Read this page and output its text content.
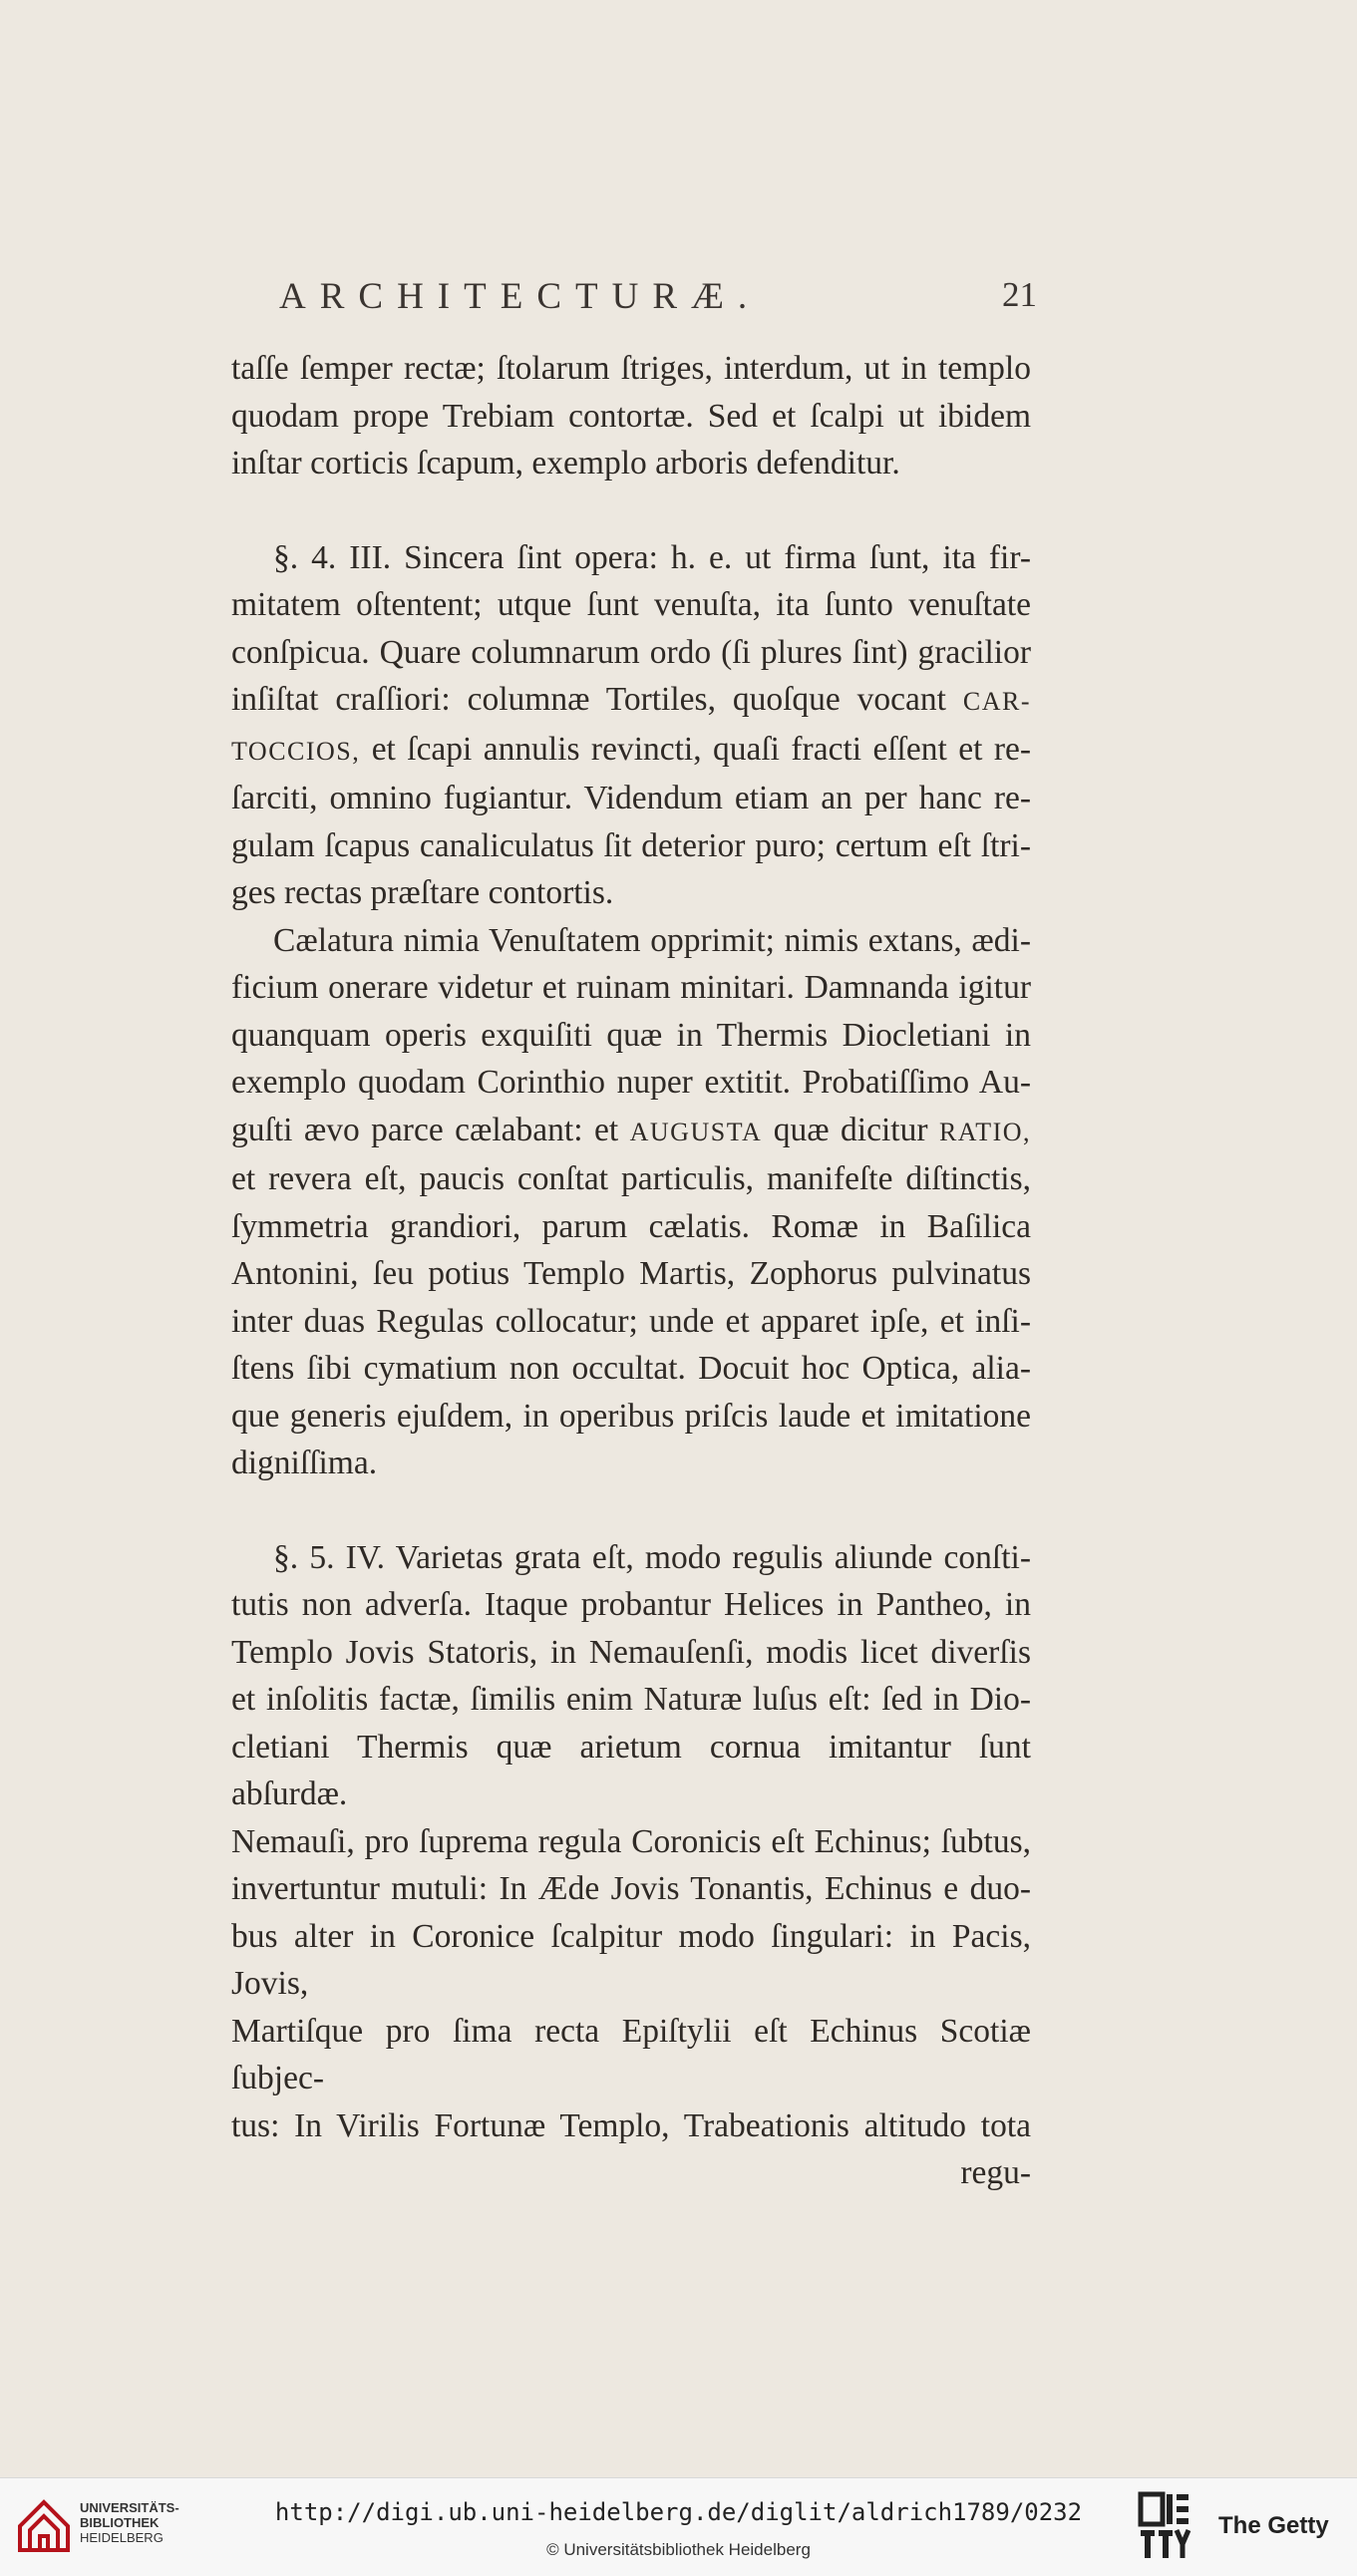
ARCHITECTURÆ.	21

taſſe ſemper rectæ; ſtolarum ſtriges, interdum, ut in templo

quodam prope Trebiam contortæ. Sed et ſcalpi ut ibidem

inſtar corticis ſcapum, exemplo arboris defenditur.

§. 4. III. Sincera ſint opera: h. e. ut firma ſunt, ita fir-

mitatem oſtentent; utque ſunt venuſta, ita ſunto venuſtate

conſpicua. Quare columnarum ordo (ſi plures ſint) gracilior

inſiſtat craſſiori: columnæ Tortiles, quoſque vocant CAR-

TOCCIOS, et ſcapi annulis revincti, quaſi fracti eſſent et re-

ſarciti, omnino fugiantur. Videndum etiam an per hanc re-

gulam ſcapus canaliculatus ſit deterior puro; certum eſt ſtri-

ges rectas præſtare contortis.

Cælatura nimia Venuſtatem opprimit; nimis extans, ædi-

ficium onerare videtur et ruinam minitari. Damnanda igitur

quanquam operis exquiſiti quæ in Thermis Diocletiani in

exemplo quodam Corinthio nuper extitit. Probatiſſimo Au-

guſti ævo parce cælabant: et AUGUSTA quæ dicitur RATIO,

et revera eſt, paucis conſtat particulis, manifeſte diſtinctis,

ſymmetria grandiori, parum cælatis. Romæ in Baſilica

Antonini, ſeu potius Templo Martis, Zophorus pulvinatus

inter duas Regulas collocatur; unde et apparet ipſe, et inſi-

ſtens ſibi cymatium non occultat. Docuit hoc Optica, alia-

que generis ejuſdem, in operibus priſcis laude et imitatione

digniſſima.

§. 5. IV. Varietas grata eſt, modo regulis aliunde conſti-

tutis non adverſa. Itaque probantur Helices in Pantheo, in

Templo Jovis Statoris, in Nemauſenſi, modis licet diverſis

et inſolitis factæ, ſimilis enim Naturæ luſus eſt: ſed in Dio-

cletiani Thermis quæ arietum cornua imitantur ſunt abſurdæ.

Nemauſi, pro ſuprema regula Coronicis eſt Echinus; ſubtus,

invertuntur mutuli: In Æde Jovis Tonantis, Echinus e duo-

bus alter in Coronice ſcalpitur modo ſingulari: in Pacis, Jovis,

Martiſque pro ſima recta Epiſtylii eſt Echinus Scotiæ ſubjec-

tus: In Virilis Fortunæ Templo, Trabeationis altitudo tota

regu-

UNIVERSITÄTS-
BIBLIOTHEK
HEIDELBERG
http://digi.ub.uni-heidelberg.de/diglit/aldrich1789/0232
© Universitätsbibliothek Heidelberg
The Getty
